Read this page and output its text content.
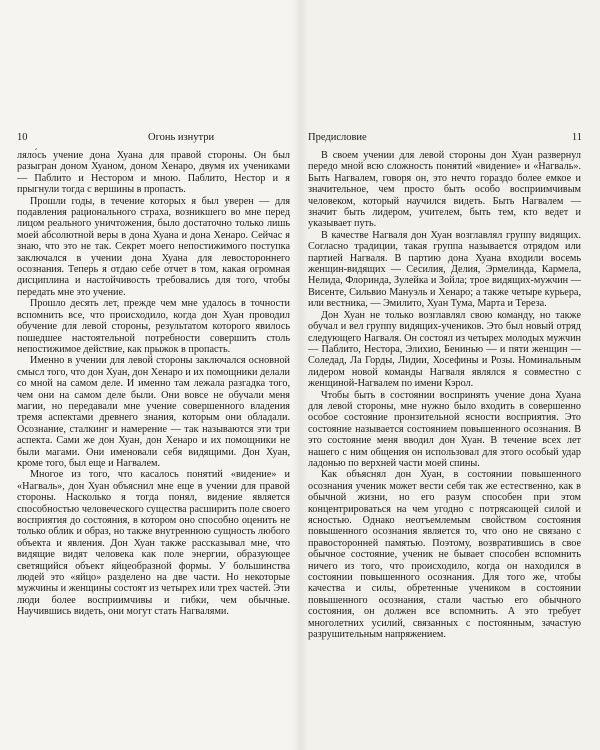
10	Огонь изнутри

ляло́сь учение дона Хуана для правой стороны. Он был разыгран доном Хуаном, доном Хенаро, двумя их учениками — Паблито и Нестором и мною. Паблито, Нестор и я прыгнули тогда с вершины в пропасть.

Прошли годы, в течение которых я был уверен — для подавления рационального страха, возникшего во мне перед лицом реального уничтожения, было достаточно только лишь моей абсолютной веры в дона Хуана и дона Хенаро. Сейчас я знаю, что это не так. Секрет моего непостижимого поступка заключался в учении дона Хуана для левостороннего осознания. Теперь я отдаю себе отчет в том, какая огромная дисциплина и настойчивость требовались для того, чтобы передать мне это учение.

Прошло десять лет, прежде чем мне удалось в точности вспомнить все, что происходило, когда дон Хуан проводил обучение для левой стороны, результатом которого явилось пошедшее настоятельной потребности совершить столь непостижимое действие, как прыжок в пропасть.

Именно в учении для левой стороны заключался основной смысл того, что дон Хуан, дон Хенаро и их помощники делали со мной на самом деле. И именно там лежала разгадка того, чем они на самом деле были. Они вовсе не обучали меня магии, но передавали мне учение совершенного владения тремя аспектами древнего знания, которым они обладали. Осознание, сталкинг и намерение — так называются эти три аспекта. Сами же дон Хуан, дон Хенаро и их помощники не были магами. Они именовали себя видящими. Дон Хуан, кроме того, был еще и Нагвалем.

Многое из того, что касалось понятий «видение» и «Нагваль», дон Хуан объяснил мне еще в учении для правой стороны. Насколько я тогда понял, видение является способностью человеческого существа расширить поле своего восприятия до состояния, в котором оно способно оценить не только облик и образ, но также внутреннюю сущность любого объекта и явления. Дон Хуан также рассказывал мне, что видящие видят человека как поле энергии, образующее светящийся объект яйцеобразной формы. У большинства людей это «яйцо» разделено на две части. Но некоторые мужчины и женщины состоят из четырех или трех частей. Эти люди более восприимчивы и гибки, чем обычные. Научившись видеть, они могут стать Нагвалями.

Предисловие	11

В своем учении для левой стороны дон Хуан развернул передо мной всю сложность понятий «видение» и «Нагваль». Быть Нагвалем, говоря он, это нечто гораздо более емкое и значительное, чем просто быть особо восприимчивым человеком, который научился видеть. Быть Нагвалем — значит быть лидером, учителем, быть тем, кто ведет и указывает путь.

В качестве Нагваля дон Хуан возглавлял группу видящих. Согласно традиции, такая группа называется отрядом или партией Нагваля. В партию дона Хуана входили восемь женщин-видящих — Сесилия, Делия, Эрмелинда, Кармела, Нелида, Флоринда, Зулейка и Зойла; трое видящих-мужчин — Висенте, Сильвио Мануэль и Хенаро; а также четыре курьера, или вестника, — Эмилито, Хуан Тума, Марта и Тереза.

Дон Хуан не только возглавлял свою команду, но также обучал и вел группу видящих-учеников. Это был новый отряд следующего Нагваля. Он состоял из четырех молодых мужчин — Паблито, Нестора, Элихио, Бенинью — и пяти женщин — Соледад, Ла Горды, Лидии, Хосефины и Розы. Номинальным лидером новой команды Нагваля являлся я совместно с женщиной-Нагвалем по имени Кэрол.

Чтобы быть в состоянии воспринять учение дона Хуана для левой стороны, мне нужно было входить в совершенно особое состояние пронзительной ясности восприятия. Это состояние называется состоянием повышенного осознания. В это состояние меня вводил дон Хуан. В течение всех лет нашего с ним общения он использовал для этого особый удар ладонью по верхней части моей спины.

Как объяснял дон Хуан, в состоянии повышенного осознания ученик может вести себя так же естественно, как в обычной жизни, но его разум способен при этом концентрироваться на чем угодно с потрясающей силой и ясностью. Однако неотъемлемым свойством состояния повышенного осознания является то, что оно не связано с правосторонней памятью. Поэтому, возвратившись в свое обычное состояние, ученик не бывает способен вспомнить ничего из того, что происходило, когда он находился в состоянии повышенного осознания. Для того же, чтобы качества и силы, обретенные учеником в состоянии повышенного осознания, стали частью его обычного состояния, он должен все вспомнить. А это требует многолетних усилий, связанных с постоянным, зачастую разрушительным напряжением.
